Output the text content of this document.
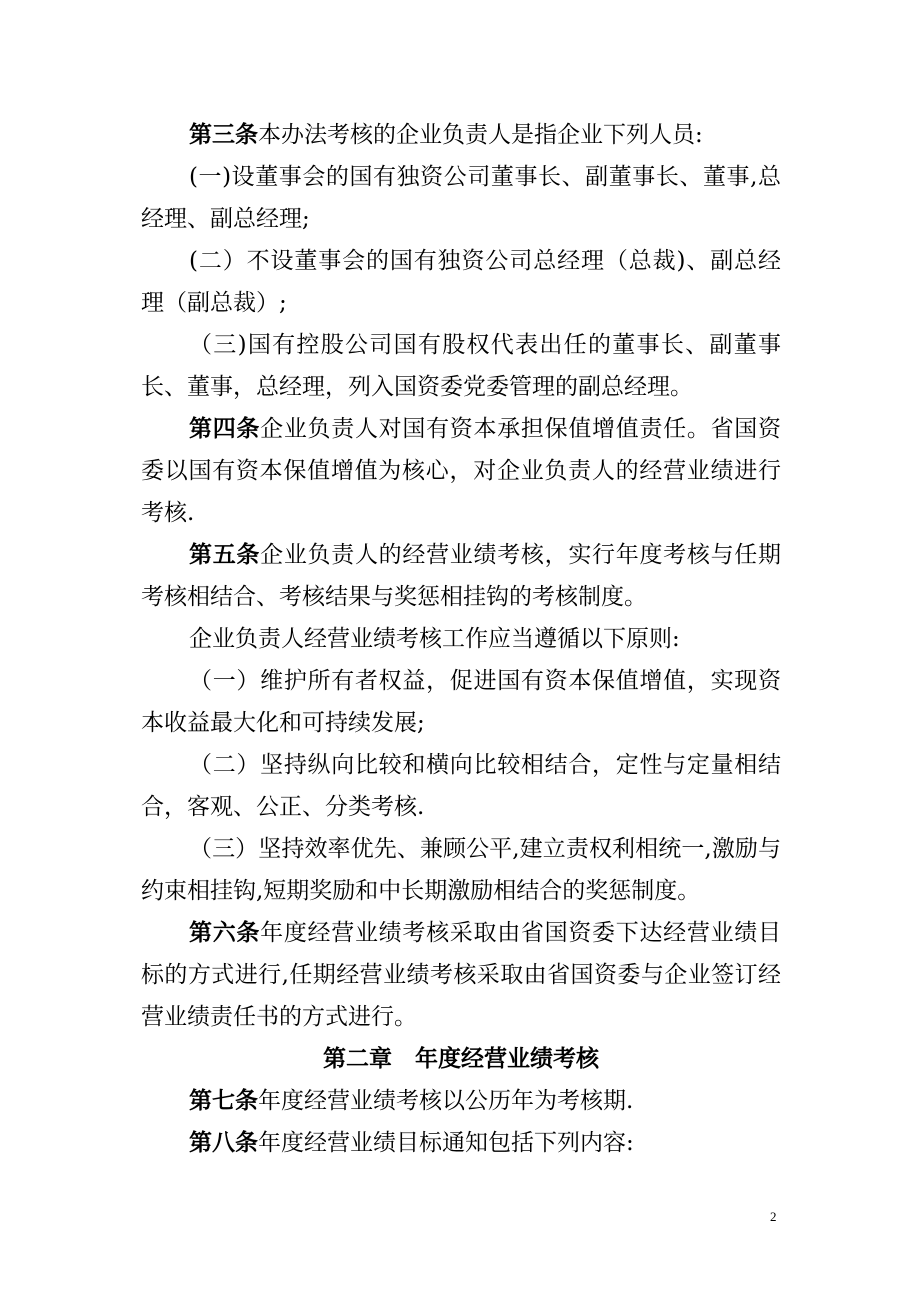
第三条本办法考核的企业负责人是指企业下列人员:

(一)设董事会的国有独资公司董事长、副董事长、董事,总经理、副总经理;

(二）不设董事会的国有独资公司总经理（总裁)、副总经理（副总裁）;

（三)国有控股公司国有股权代表出任的董事长、副董事长、董事，总经理，列入国资委党委管理的副总经理。

第四条企业负责人对国有资本承担保值增值责任。省国资委以国有资本保值增值为核心，对企业负责人的经营业绩进行考核.

第五条企业负责人的经营业绩考核，实行年度考核与任期考核相结合、考核结果与奖惩相挂钩的考核制度。

企业负责人经营业绩考核工作应当遵循以下原则:

（一）维护所有者权益，促进国有资本保值增值，实现资本收益最大化和可持续发展;

（二）坚持纵向比较和横向比较相结合，定性与定量相结合，客观、公正、分类考核.

（三）坚持效率优先、兼顾公平,建立责权利相统一,激励与约束相挂钩,短期奖励和中长期激励相结合的奖惩制度。

第六条年度经营业绩考核采取由省国资委下达经营业绩目标的方式进行,任期经营业绩考核采取由省国资委与企业签订经营业绩责任书的方式进行。

第二章　年度经营业绩考核

第七条年度经营业绩考核以公历年为考核期.

第八条年度经营业绩目标通知包括下列内容:

2
